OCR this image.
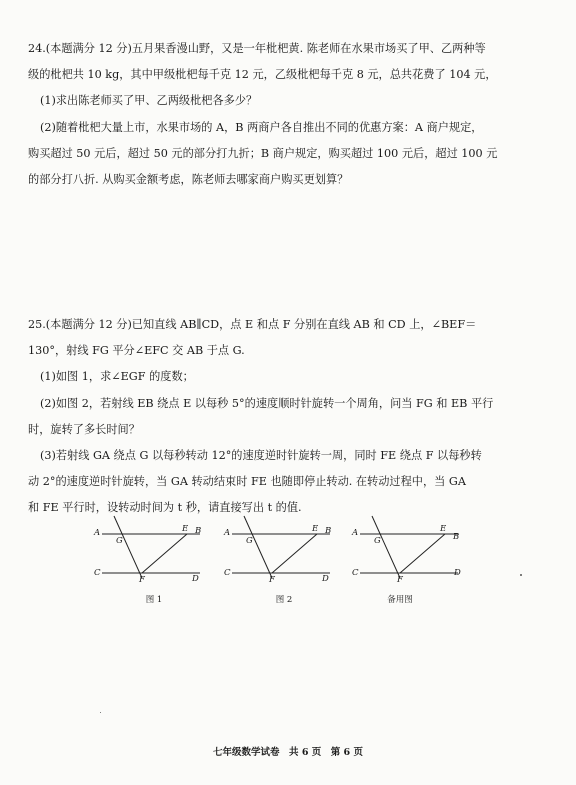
24.(本题满分 12 分)五月果香漫山野，又是一年枇杷黄. 陈老师在水果市场买了甲、乙两种等

级的枇杷共 10 kg，其中甲级枇杷每千克 12 元，乙级枇杷每千克 8 元，总共花费了 104 元，

(1)求出陈老师买了甲、乙两级枇杷各多少？

(2)随着枇杷大量上市，水果市场的 A，B 两商户各自推出不同的优惠方案：A 商户规定，

购买超过 50 元后，超过 50 元的部分打九折；B 商户规定，购买超过 100 元后，超过 100 元

的部分打八折. 从购买金额考虑，陈老师去哪家商户购买更划算？

25.(本题满分 12 分)已知直线 AB∥CD，点 E 和点 F 分别在直线 AB 和 CD 上，∠BEF＝

130°，射线 FG 平分∠EFC 交 AB 于点 G.

(1)如图 1，求∠EGF 的度数；

(2)如图 2，若射线 EB 绕点 E 以每秒 5°的速度顺时针旋转一个周角，问当 FG 和 EB 平行

时，旋转了多长时间？

(3)若射线 GA 绕点 G 以每秒转动 12°的速度逆时针旋转一周，同时 FE 绕点 F 以每秒转

动 2°的速度逆时针旋转，当 GA 转动结束时 FE 也随即停止转动. 在转动过程中，当 GA

和 FE 平行时，设转动时间为 t 秒，请直接写出 t 的值.

A
G
E B
C
F	D
图 1
A
G
E B
C
F	D
图 2
A
G
E
B
C
F
D
备用图
七年级数学试卷　共 6 页　第 6 页
